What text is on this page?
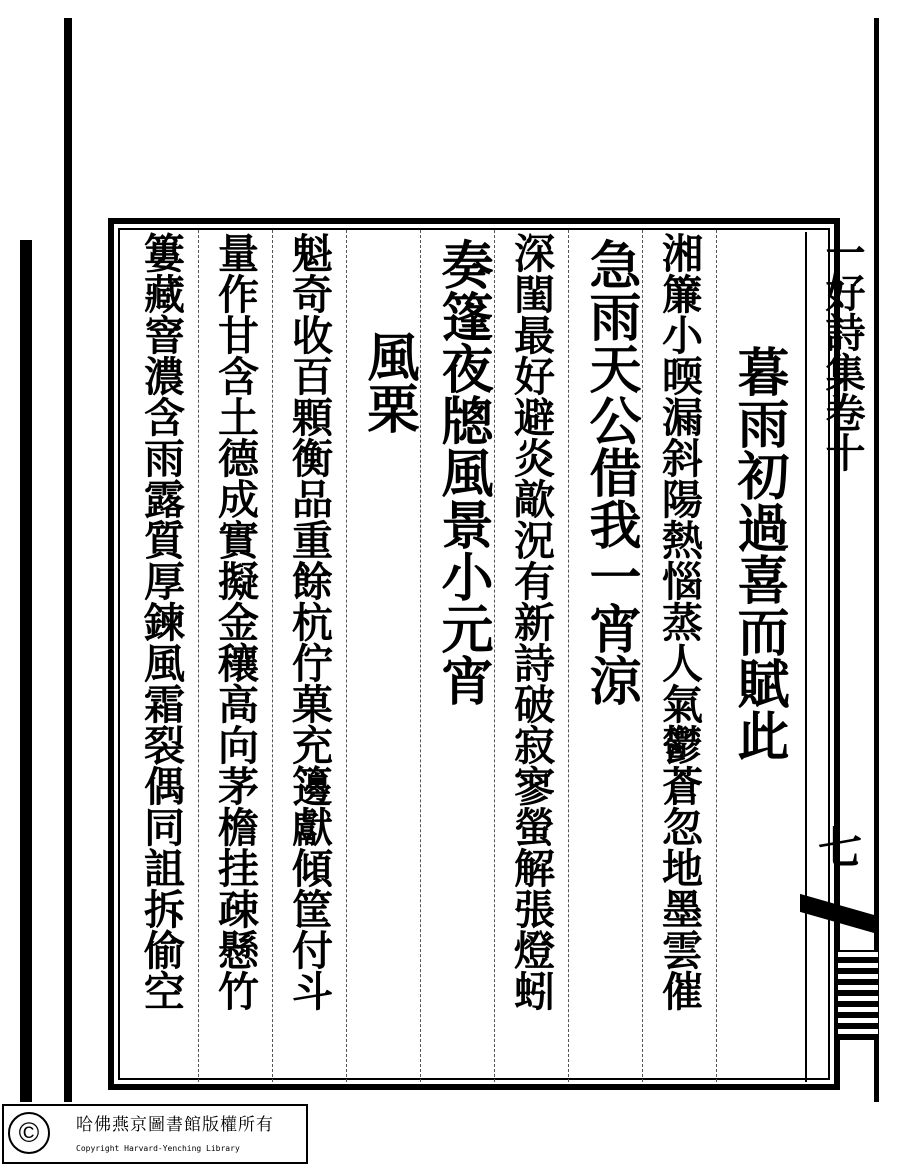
暮雨初過喜而賦此
湘簾小㬉漏斜陽熱惱蒸人氣鬱蒼忽地墨雲催
急雨天公借我一宵涼
深閨最好避炎歊況有新詩破寂寥螢解張燈蚓
奏篷夜牕風景小元宵
風栗
魁奇收百顆衡品重餘杭佇菓充籩獻傾筐付斗
量作甘含土德成實擬金穰高向茅檐挂疎懸竹
簍藏窨濃含雨露質厚鍊風霜裂偶同詛拆偷空	一好詩集卷十
七
©	哈佛燕京圖書館版權所有
Copyright Harvard-Yenching Library
